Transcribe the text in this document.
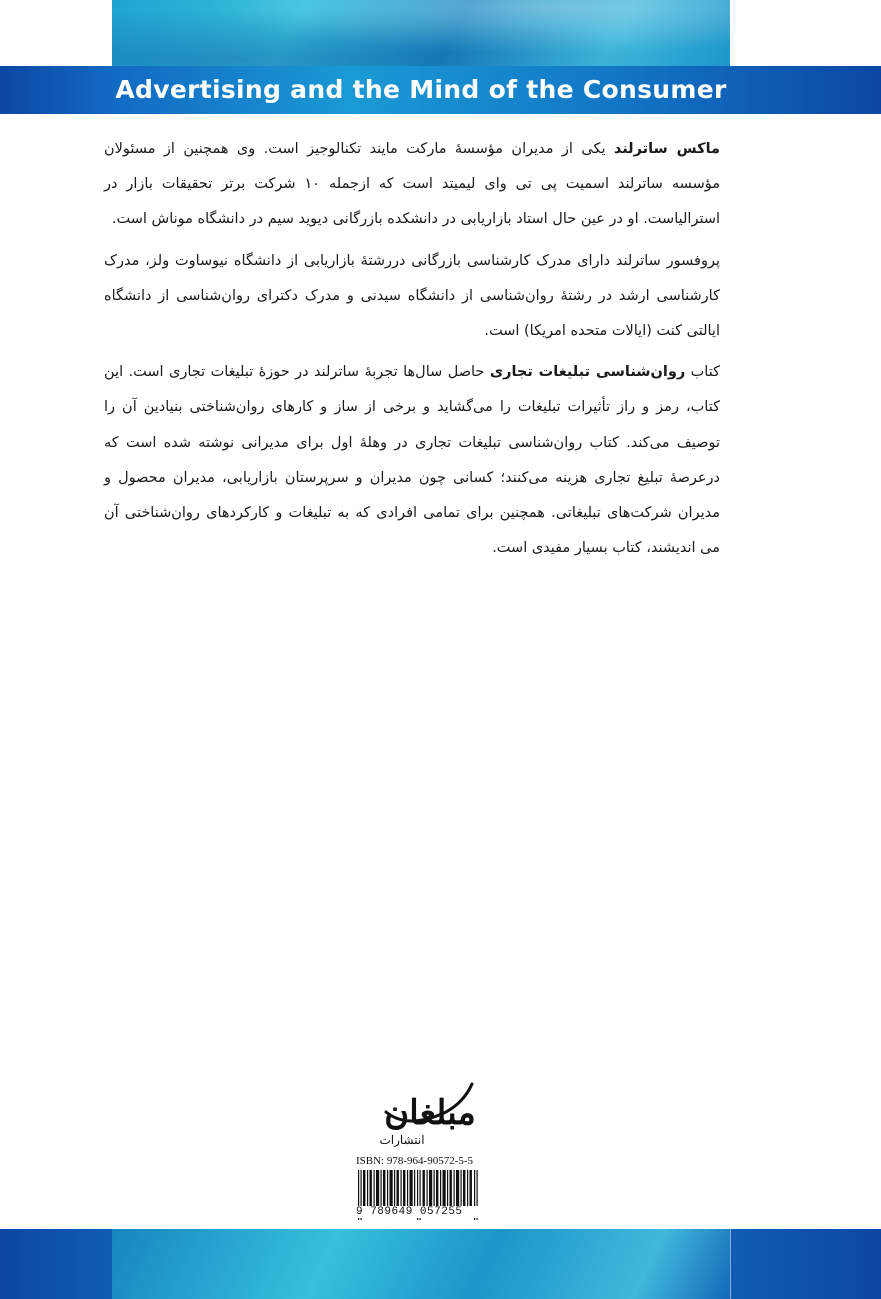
Advertising and the Mind of the Consumer

ماکس ساترلند یکی از مدیران مؤسسهٔ مارکت مایند تکنالوجیز است. وی همچنین از مسئولان مؤسسه ساترلند اسمیت پی تی وای لیمیتد است که ازجمله ۱۰ شرکت برتر تحقیقات بازار در استرالیاست. او در عین حال استاد بازاریابی در دانشکده بازرگانی دیوید سیم در دانشگاه موناش است.

پروفسور ساترلند دارای مدرک کارشناسی بازرگانی دررشتهٔ بازاریابی از دانشگاه نیوساوت ولز، مدرک کارشناسی ارشد در رشتهٔ روان‌شناسی از دانشگاه سیدنی و مدرک دکترای روان‌شناسی از دانشگاه ایالتی کنت (ایالات متحده امریکا) است.

کتاب روان‌شناسی تبلیغات تجاری حاصل سال‌ها تجربهٔ ساترلند در حوزهٔ تبلیغات تجاری است. این کتاب، رمز و راز تأثیرات تبلیغات را می‌گشاید و برخی از ساز و کارهای روان‌شناختی بنیادین آن را توصیف می‌کند. کتاب روان‌شناسی تبلیغات تجاری در وهلهٔ اول برای مدیرانی نوشته شده است که درعرصهٔ تبلیغ تجاری هزینه می‌کنند؛ کسانی چون مدیران و سرپرستان بازاریابی، مدیران محصول و مدیران شرکت‌های تبلیغاتی. همچنین برای تمامی افرادی که به تبلیغات و کارکردهای روان‌شناختی آن می اندیشند، کتاب بسیار مفیدی است.

مبلغان
انتشارات
ISBN: 978-964-90572-5-5
9 789649 057255
